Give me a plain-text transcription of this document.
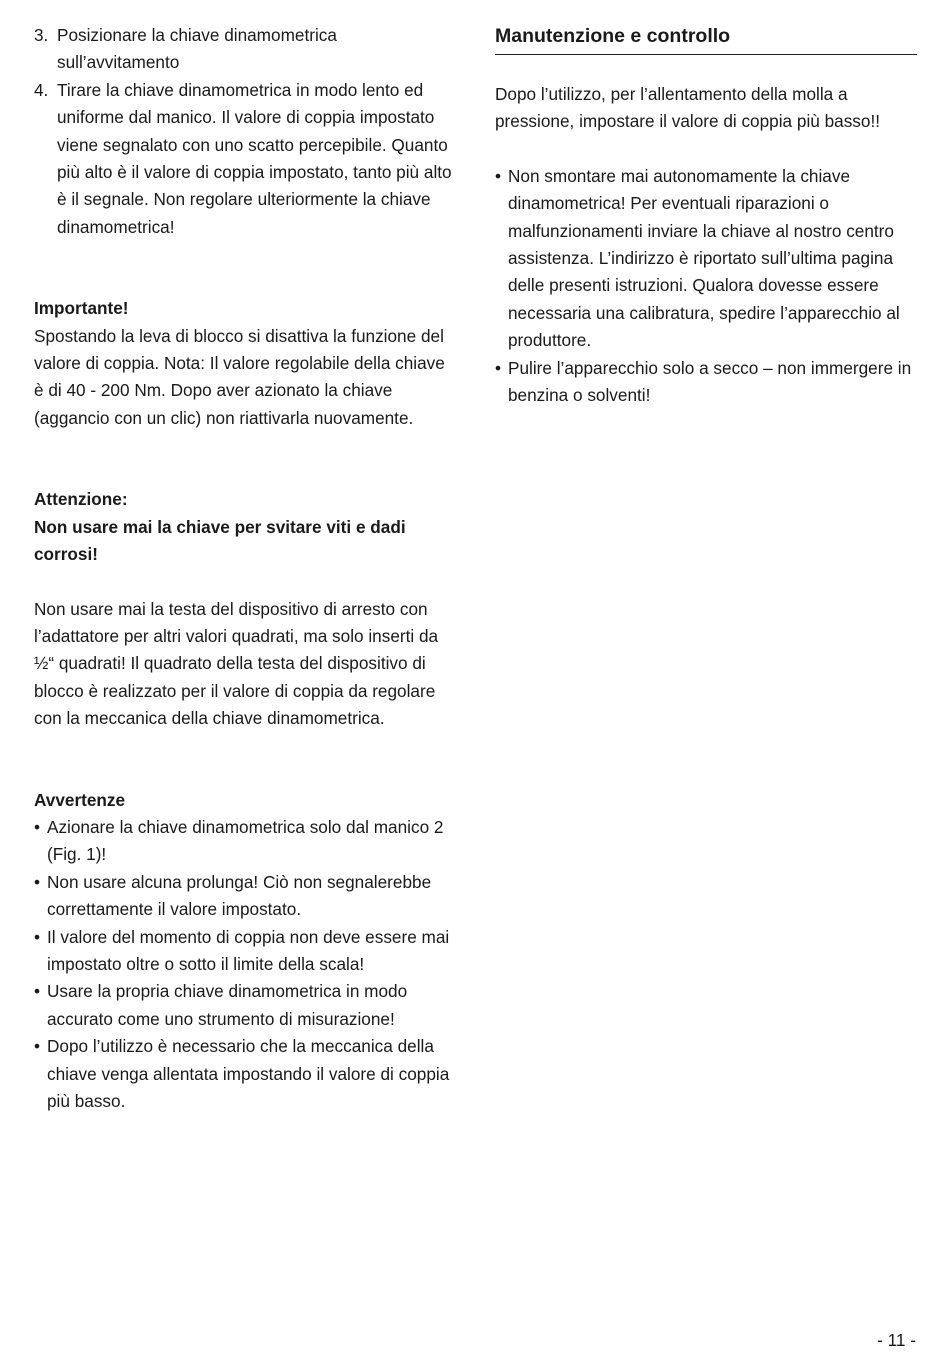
3. Posizionare la chiave dinamometrica sull’avvitamento
4. Tirare la chiave dinamometrica in modo lento ed uniforme dal manico. Il valore di coppia impostato viene segnalato con uno scatto percepibile. Quanto più alto è il valore di coppia impostato, tanto più alto è il segnale. Non regolare ulteriormente la chiave dinamometrica!

Importante!

Spostando la leva di blocco si disattiva la funzione del valore di coppia. Nota: Il valore regolabile della chiave è di 40 - 200 Nm. Dopo aver azionato la chiave (aggancio con un clic) non riattivarla nuovamente.

Attenzione:

Non usare mai la chiave per svitare viti e dadi corrosi!

Non usare mai la testa del dispositivo di arresto con l’adattatore per altri valori quadrati, ma solo inserti da ½“ quadrati! Il quadrato della testa del dispositivo di blocco è realizzato per il valore di coppia da regolare con la meccanica della chiave dinamometrica.

Avvertenze

• Azionare la chiave dinamometrica solo dal manico 2 (Fig. 1)!
• Non usare alcuna prolunga! Ciò non segnalerebbe correttamente il valore impostato.
• Il valore del momento di coppia non deve essere mai impostato oltre o sotto il limite della scala!
• Usare la propria chiave dinamometrica in modo accurato come uno strumento di misurazione!
• Dopo l’utilizzo è necessario che la meccanica della chiave venga allentata impostando il valore di coppia più basso.
Manutenzione e controllo

Dopo l’utilizzo, per l’allentamento della molla a pressione, impostare il valore di coppia più basso!!

• Non smontare mai autonomamente la chiave dinamometrica! Per eventuali riparazioni o malfunzionamenti inviare la chiave al nostro centro assistenza. L’indirizzo è riportato sull’ultima pagina delle presenti istruzioni. Qualora dovesse essere necessaria una calibratura, spedire l’apparecchio al produttore.
• Pulire l’apparecchio solo a secco – non immergere in benzina o solventi!
- 11 -
